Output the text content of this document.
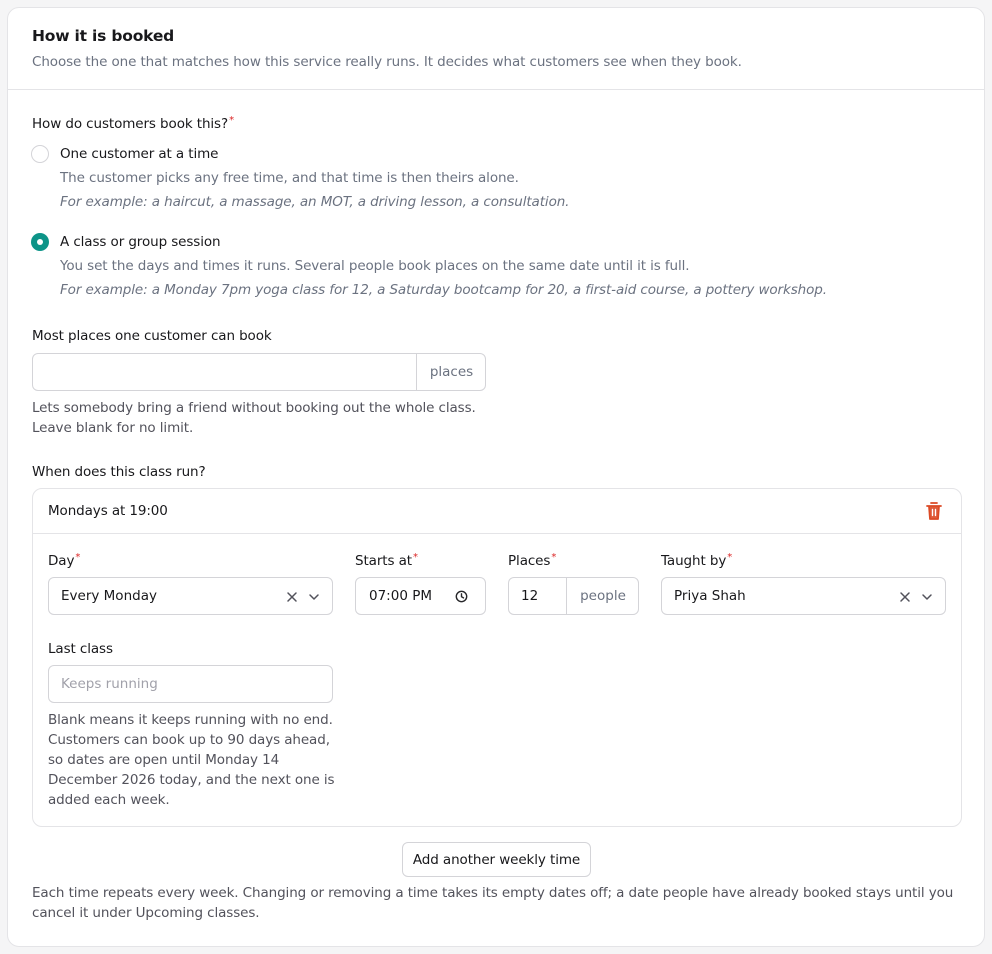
How it is booked
Choose the one that matches how this service really runs. It decides what customers see when they book.
How do customers book this?*
One customer at a time
The customer picks any free time, and that time is then theirs alone.
For example: a haircut, a massage, an MOT, a driving lesson, a consultation.
A class or group session
You set the days and times it runs. Several people book places on the same date until it is full.
For example: a Monday 7pm yoga class for 12, a Saturday bootcamp for 20, a first-aid course, a pottery workshop.
Most places one customer can book
places
Lets somebody bring a friend without booking out the whole class.
Leave blank for no limit.
When does this class run?
Mondays at 19:00
Day*
Every Monday
Starts at*
07:00 PM
Places*
12	people
Taught by*
Priya Shah
Last class
Keeps running
Blank means it keeps running with no end. Customers can book up to 90 days ahead, so dates are open until Monday 14 December 2026 today, and the next one is added each week.
Add another weekly time
Each time repeats every week. Changing or removing a time takes its empty dates off; a date people have already booked stays until you
cancel it under Upcoming classes.
